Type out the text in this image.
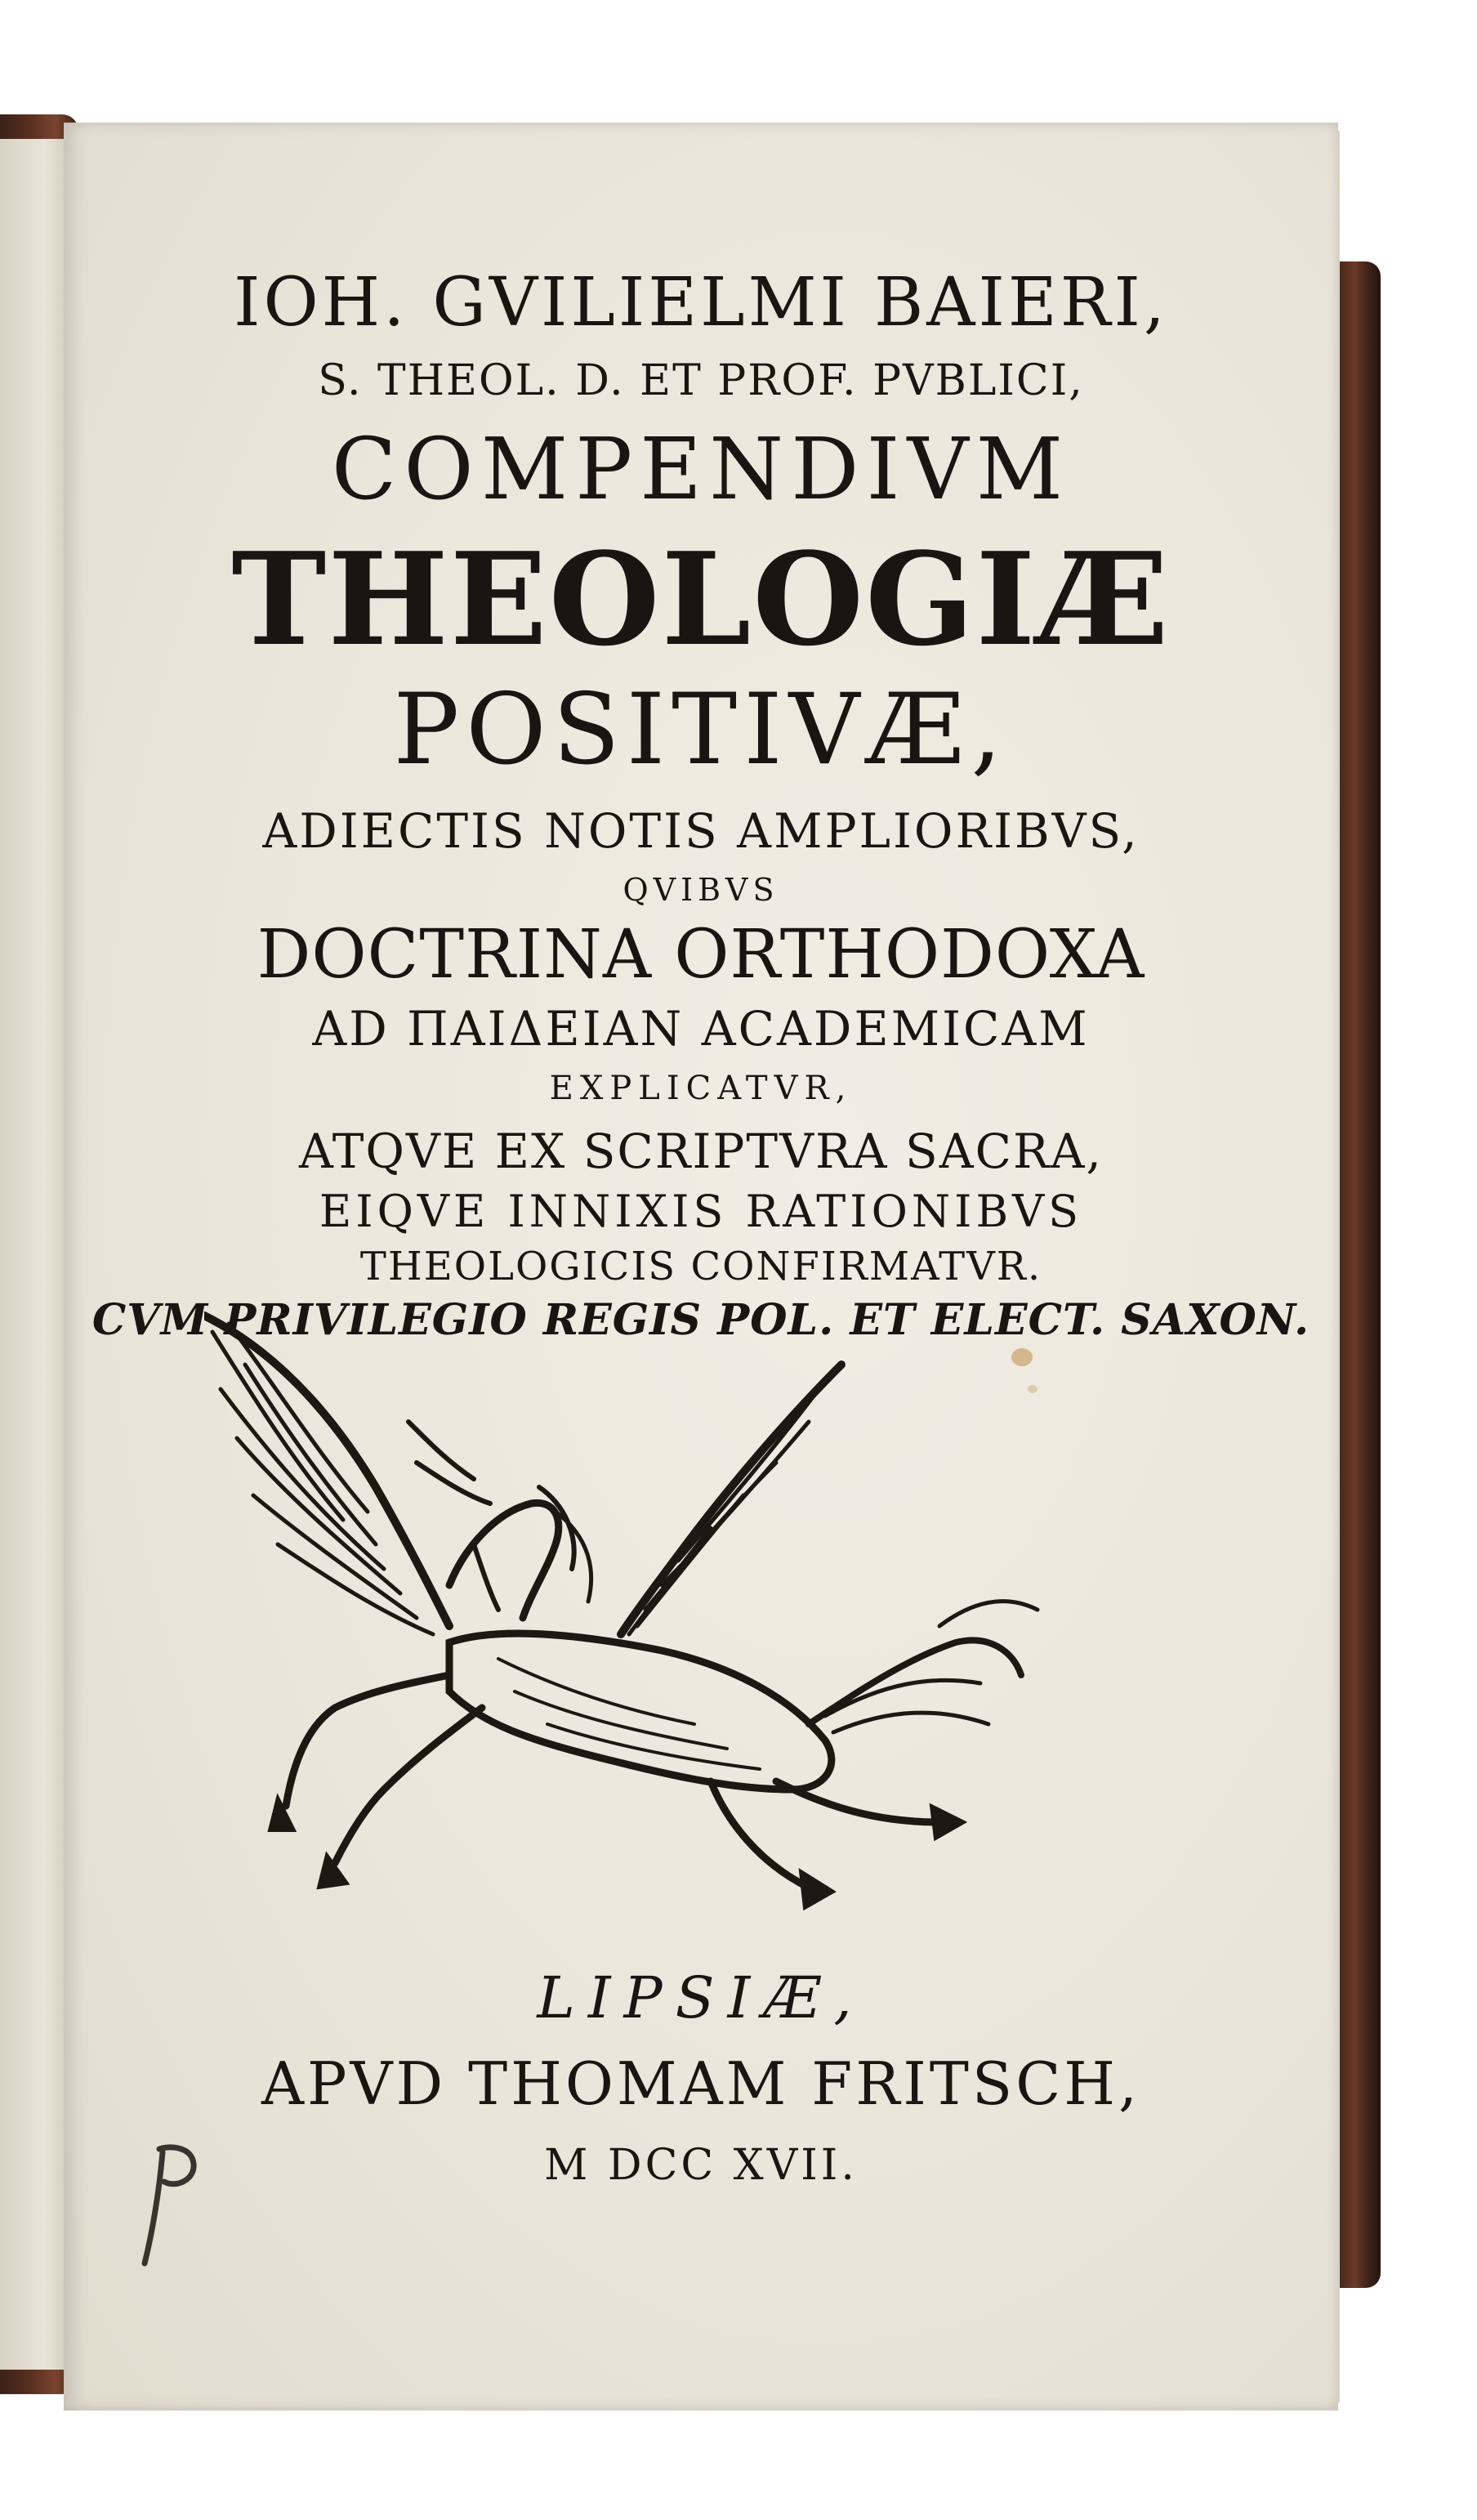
IOH. GVILIELMI BAIERI,
S. THEOL. D. ET PROF. PVBLICI,
COMPENDIVM
THEOLOGIÆ
POSITIVÆ,
ADIECTIS NOTIS AMPLIORIBVS,
QVIBVS
DOCTRINA ORTHODOXA
AD ΠΑΙΔΕΙΑΝ ACADEMICAM
EXPLICATVR,
ATQVE EX SCRIPTVRA SACRA,
EIQVE INNIXIS RATIONIBVS
THEOLOGICIS CONFIRMATVR.
CVM PRIVILEGIO REGIS POL. ET ELECT. SAXON.
LIPSIÆ,
APVD THOMAM FRITSCH,
M DCC XVII.
